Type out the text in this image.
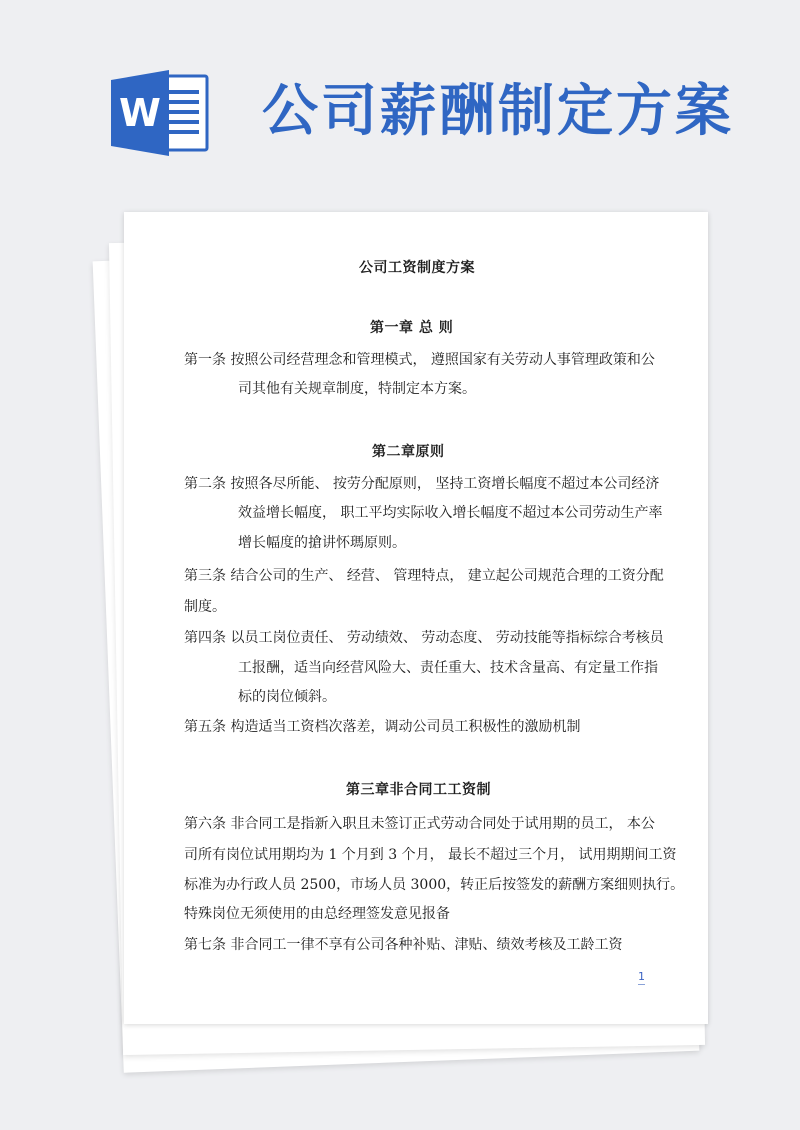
W 公司薪酬制定方案
公司工资制度方案
第一章 总 则
第一条 按照公司经营理念和管理模式， 遵照国家有关劳动人事管理政策和公
司其他有关规章制度，特制定本方案。
第二章原则
第二条 按照各尽所能、 按劳分配原则， 坚持工资增长幅度不超过本公司经济
效益增长幅度， 职工平均实际收入增长幅度不超过本公司劳动生产率
增长幅度的搶讲怀瑪原则。
第三条 结合公司的生产、 经营、 管理特点， 建立起公司规范合理的工资分配
制度。
第四条 以员工岗位责任、 劳动绩效、 劳动态度、 劳动技能等指标综合考核员
工报酬，适当向经营风险大、责任重大、技术含量高、有定量工作指
标的岗位倾斜。
第五条 构造适当工资档次落差，调动公司员工积极性的激励机制
第三章非合同工工资制
第六条 非合同工是指新入职且未签订正式劳动合同处于试用期的员工， 本公
司所有岗位试用期均为 1 个月到 3 个月， 最长不超过三个月， 试用期期间工资
标准为办行政人员 2500，市场人员 3000，转正后按签发的薪酬方案细则执行。
特殊岗位无须使用的由总经理签发意见报备
第七条 非合同工一律不享有公司各种补贴、津贴、绩效考核及工龄工资
1
